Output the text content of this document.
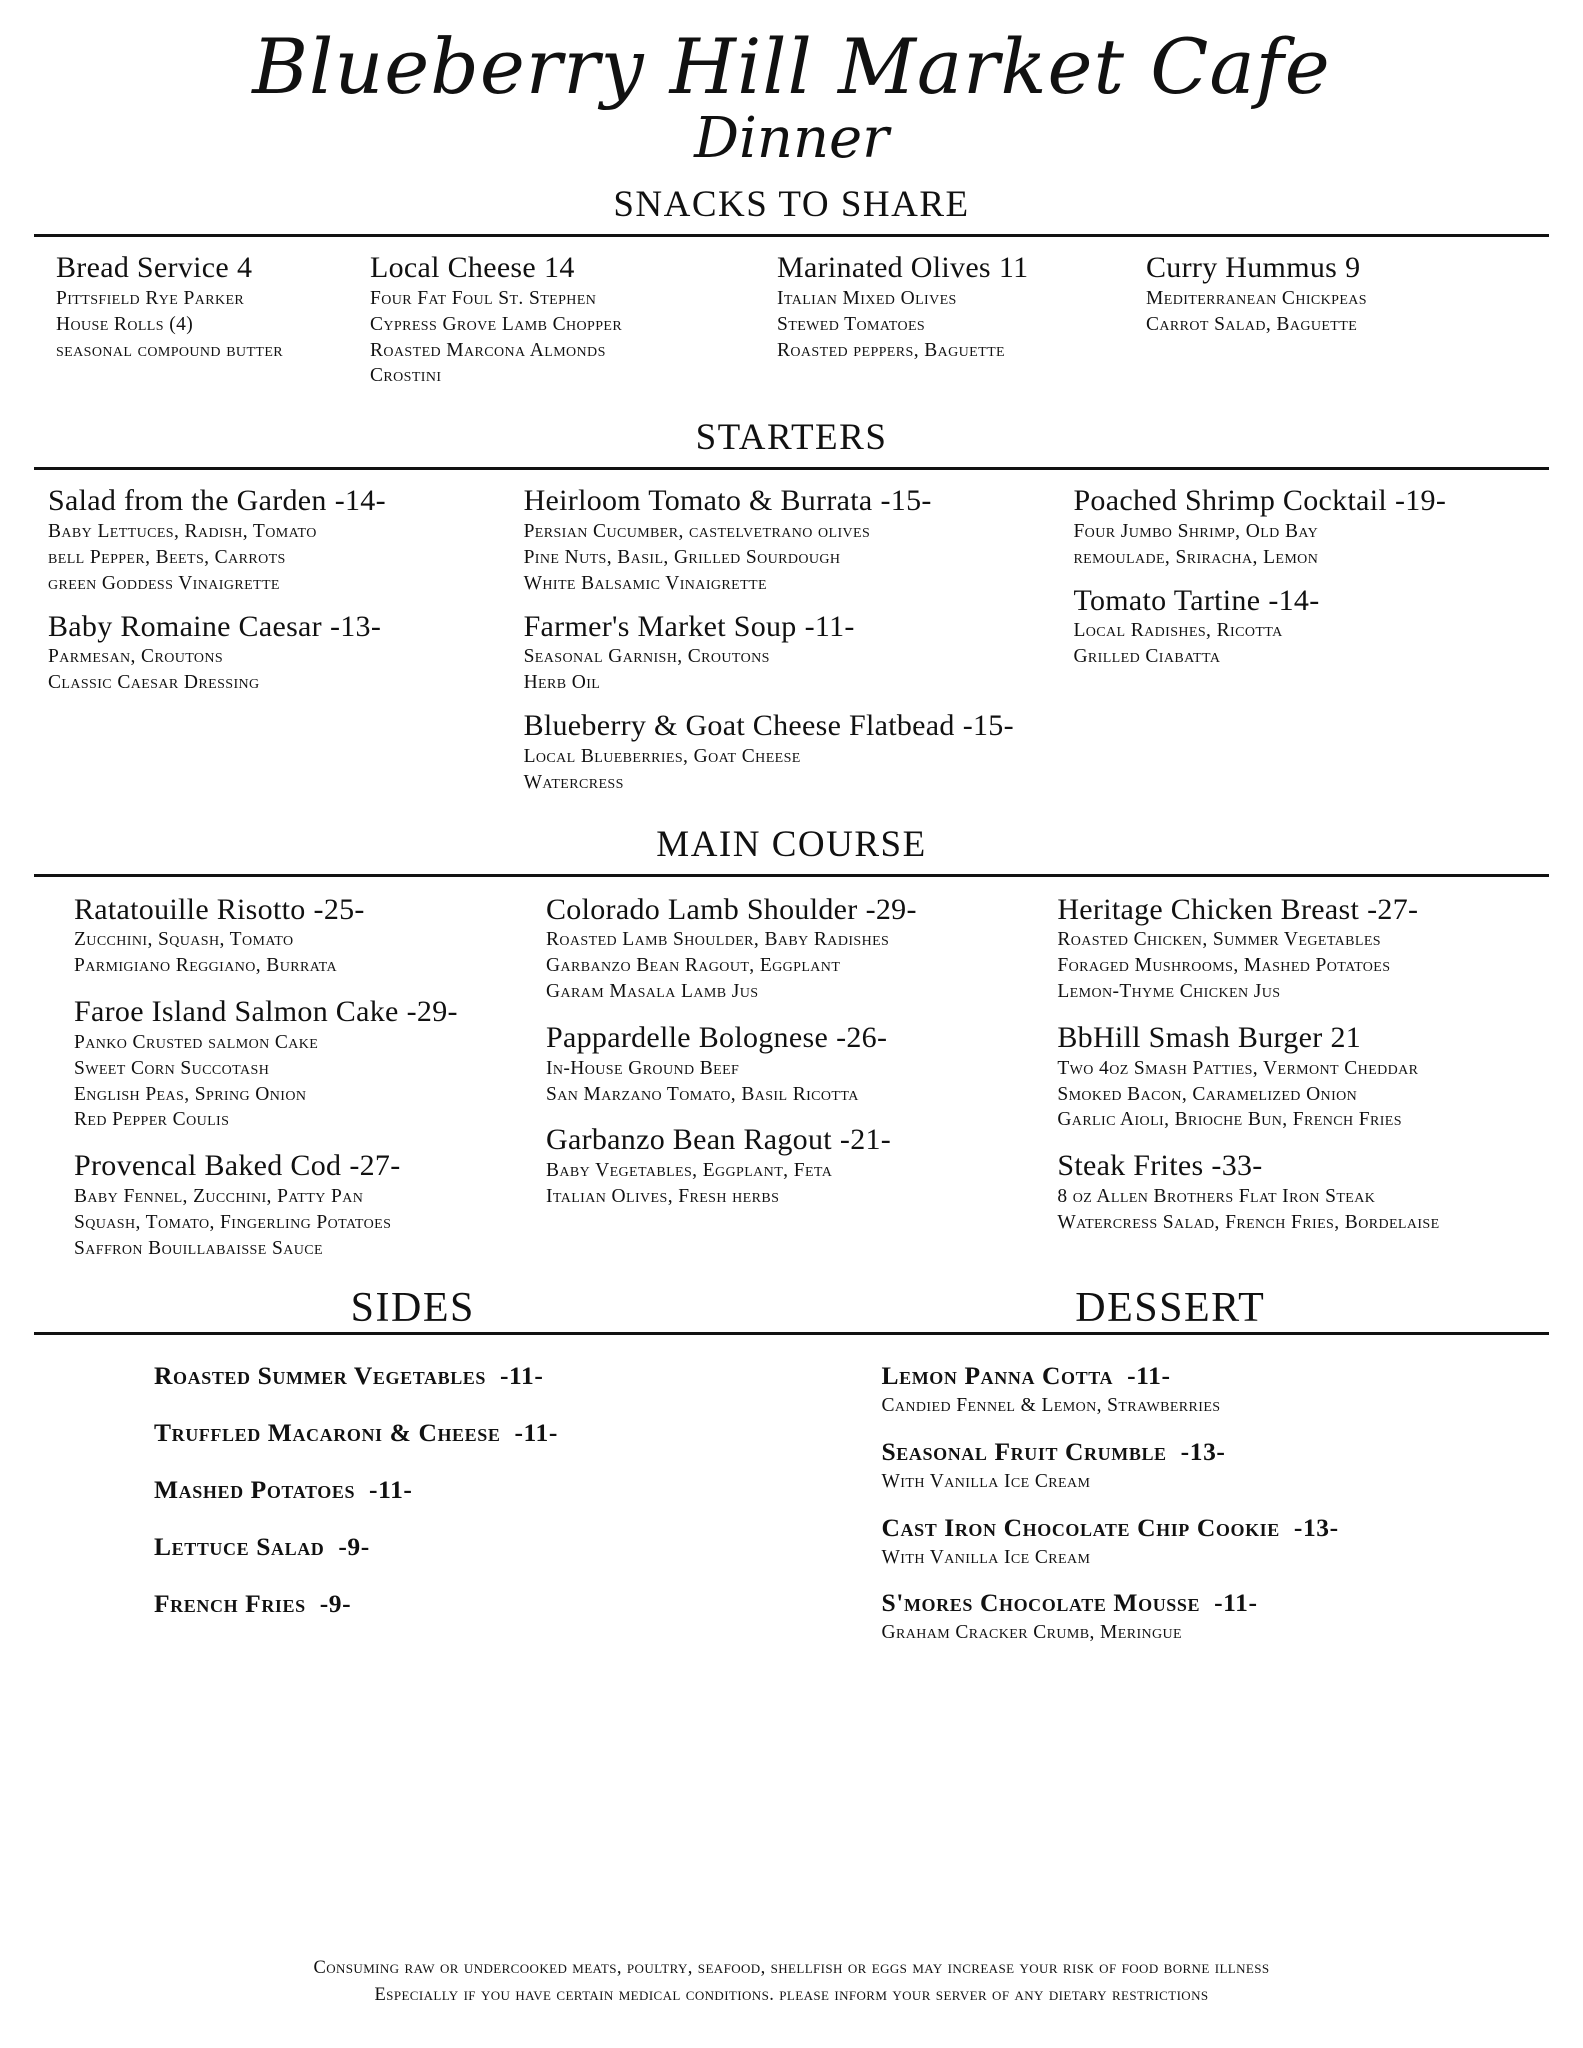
Blueberry Hill Market Cafe
Dinner
SNACKS TO SHARE
Bread Service 4
Pittsfield Rye Parker
House Rolls (4)
seasonal compound butter
Local Cheese 14
Four Fat Foul St. Stephen
Cypress Grove Lamb Chopper
Roasted Marcona Almonds
Crostini
Marinated Olives 11
Italian Mixed Olives
Stewed Tomatoes
Roasted peppers, Baguette
Curry Hummus 9
Mediterranean Chickpeas
Carrot Salad, Baguette
STARTERS
Salad from the Garden -14-
Baby Lettuces, Radish, Tomato
bell Pepper, Beets, Carrots
green Goddess Vinaigrette
Baby Romaine Caesar -13-
Parmesan, Croutons
Classic Caesar Dressing
Heirloom Tomato & Burrata -15-
Persian Cucumber, castelvetrano olives
Pine Nuts, Basil, Grilled Sourdough
White Balsamic Vinaigrette
Farmer's Market Soup -11-
Seasonal Garnish, Croutons
Herb Oil
Blueberry & Goat Cheese Flatbead -15-
Local Blueberries, Goat Cheese
Watercress
Poached Shrimp Cocktail -19-
Four Jumbo Shrimp, Old Bay
remoulade, Sriracha, Lemon
Tomato Tartine -14-
Local Radishes, Ricotta
Grilled Ciabatta
MAIN COURSE
Ratatouille Risotto -25-
Zucchini, Squash, Tomato
Parmigiano Reggiano, Burrata
Faroe Island Salmon Cake -29-
Panko Crusted salmon Cake
Sweet Corn Succotash
English Peas, Spring Onion
Red Pepper Coulis
Provencal Baked Cod -27-
Baby Fennel, Zucchini, Patty Pan
Squash, Tomato, Fingerling Potatoes
Saffron Bouillabaisse Sauce
Colorado Lamb Shoulder -29-
Roasted Lamb Shoulder, Baby Radishes
Garbanzo Bean Ragout, Eggplant
Garam Masala Lamb Jus
Pappardelle Bolognese -26-
In-House Ground Beef
San Marzano Tomato, Basil Ricotta
Garbanzo Bean Ragout -21-
Baby Vegetables, Eggplant, Feta
Italian Olives, Fresh herbs
Heritage Chicken Breast -27-
Roasted Chicken, Summer Vegetables
Foraged Mushrooms, Mashed Potatoes
Lemon-Thyme Chicken Jus
BbHill Smash Burger 21
Two 4oz Smash Patties, Vermont Cheddar
Smoked Bacon, Caramelized Onion
Garlic Aioli, Brioche Bun, French Fries
Steak Frites -33-
8 oz Allen Brothers Flat Iron Steak
Watercress Salad, French Fries, Bordelaise
SIDES	DESSERT
Roasted Summer Vegetables -11-
Truffled Macaroni & Cheese -11-
Mashed Potatoes -11-
Lettuce Salad -9-
French Fries -9-
Lemon Panna Cotta -11-
Candied Fennel & Lemon, Strawberries
Seasonal Fruit Crumble -13-
With Vanilla Ice Cream
Cast Iron Chocolate Chip Cookie -13-
With Vanilla Ice Cream
S'mores Chocolate Mousse -11-
Graham Cracker Crumb, Meringue
Consuming raw or undercooked meats, poultry, seafood, shellfish or eggs may increase your risk of food borne illness
Especially if you have certain medical conditions. please inform your server of any dietary restrictions
